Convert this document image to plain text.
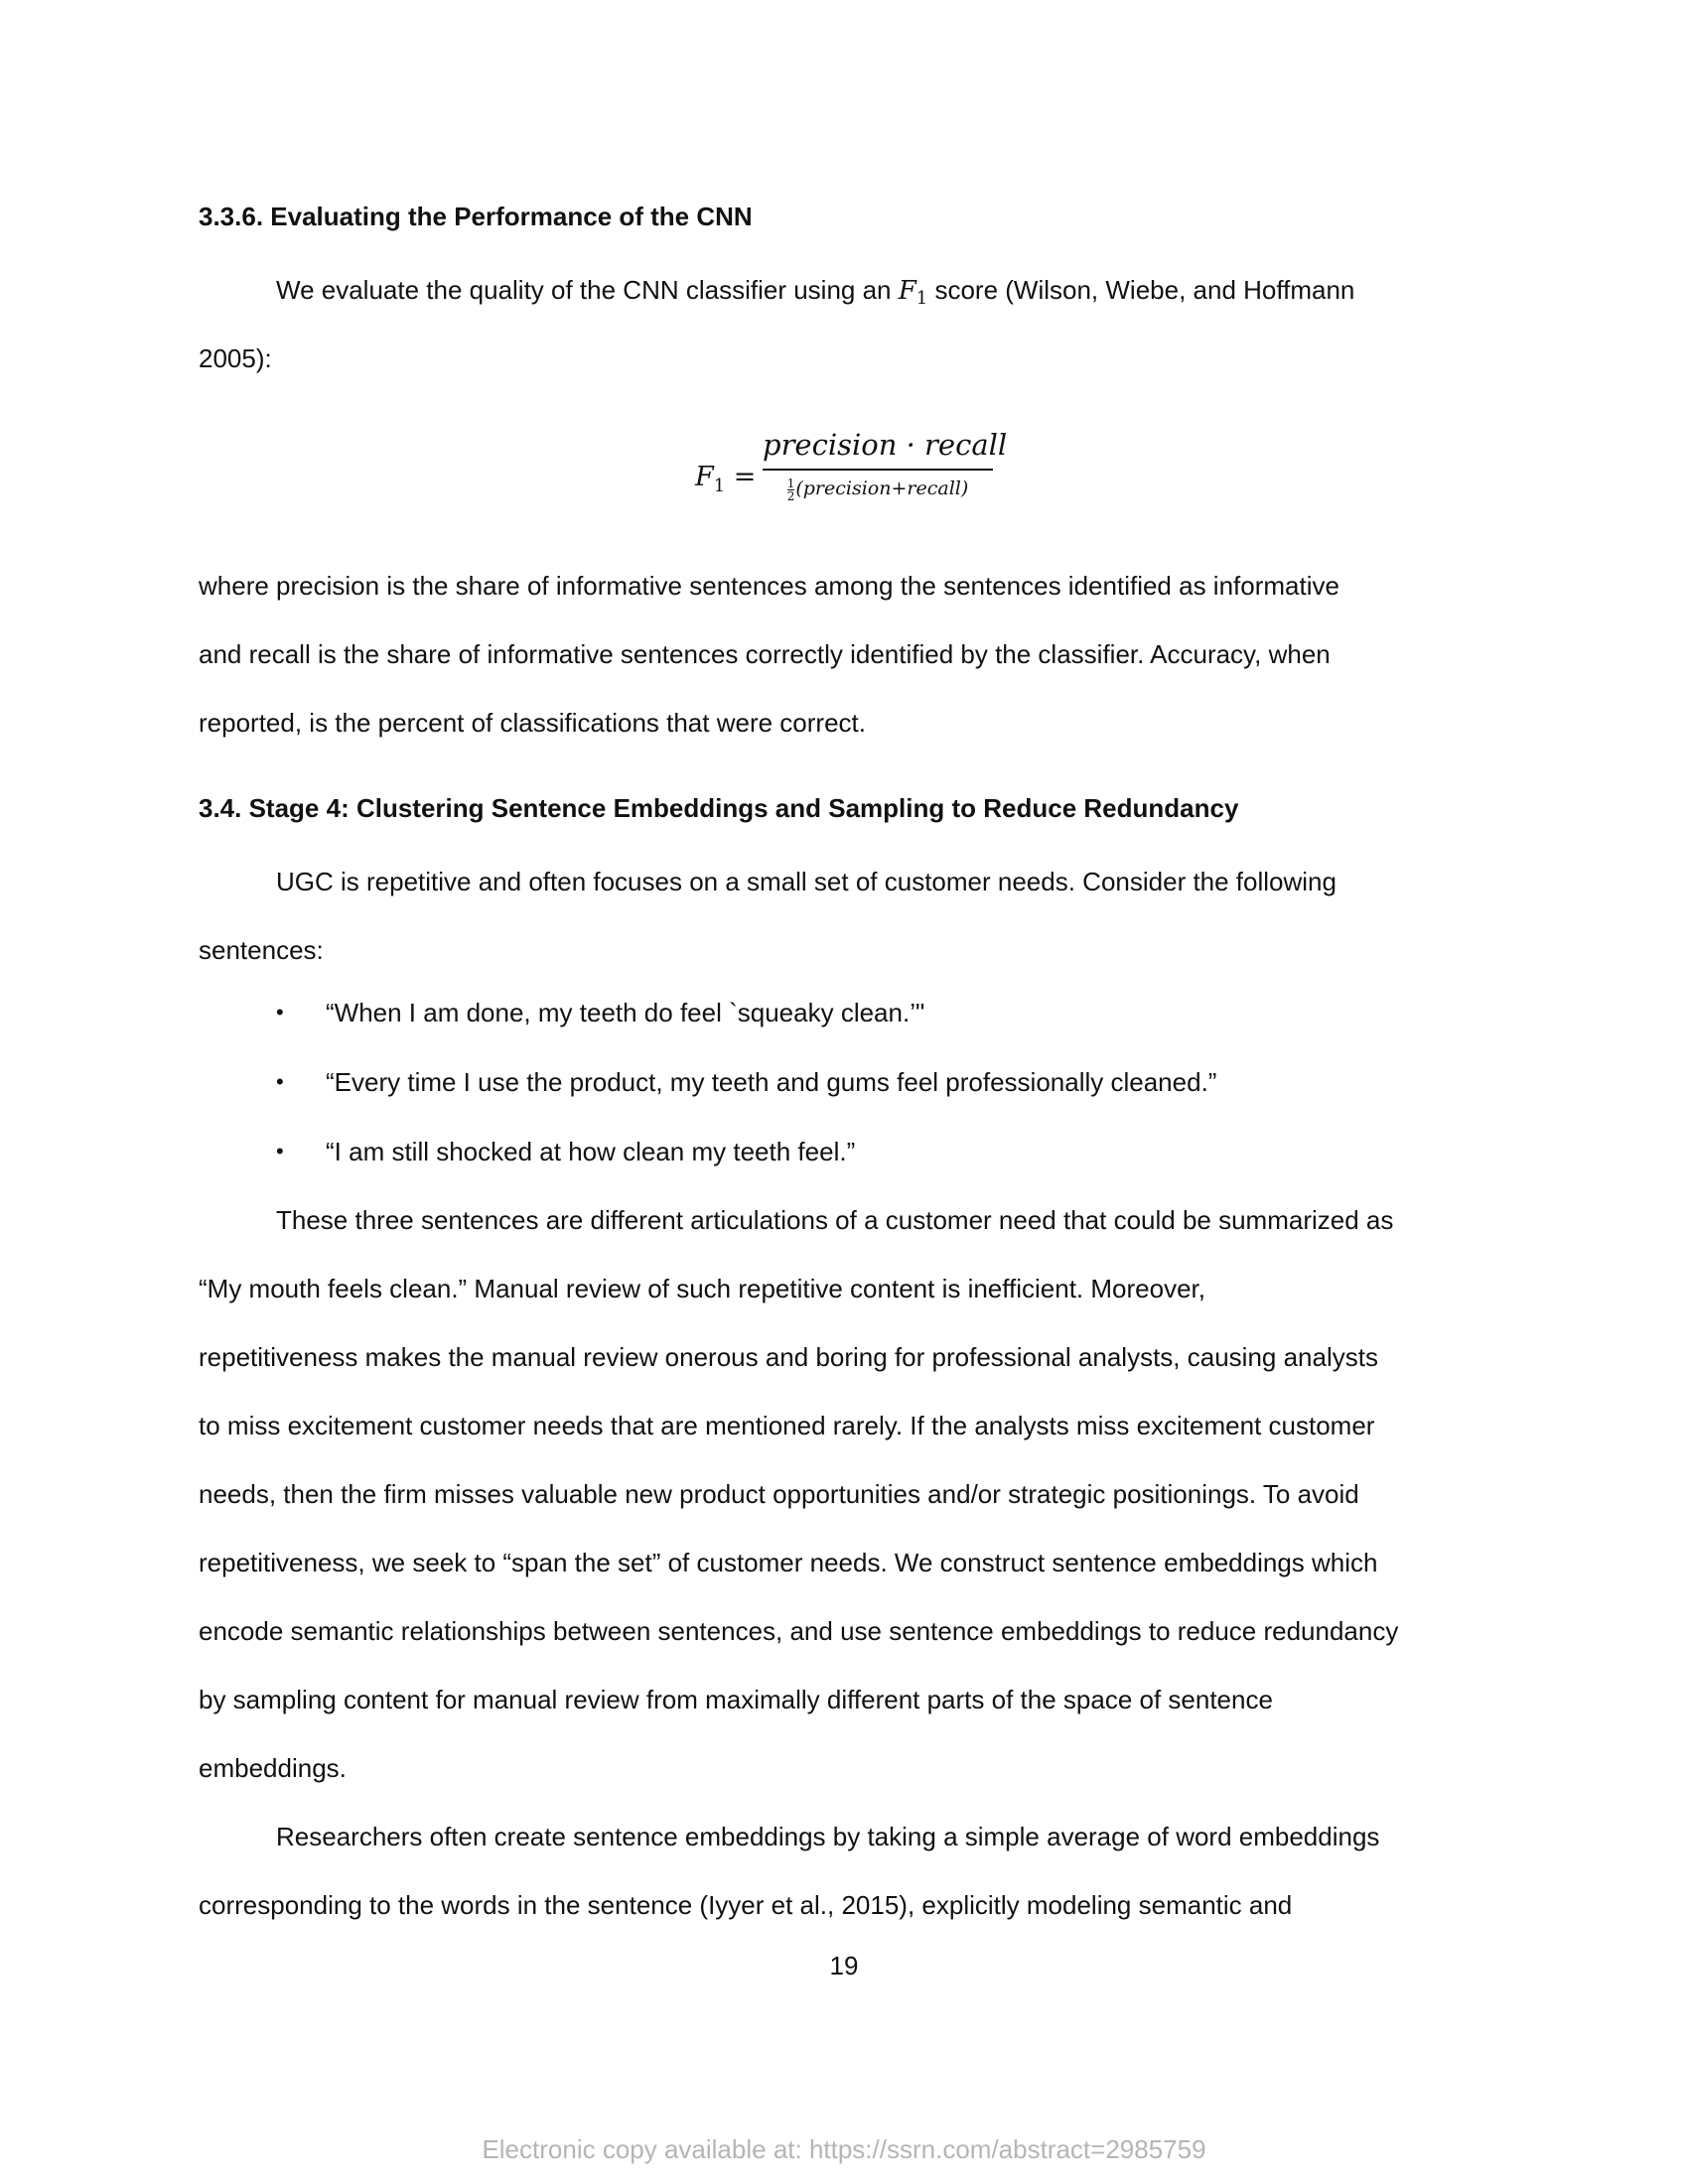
3.3.6. Evaluating the Performance of the CNN
We evaluate the quality of the CNN classifier using an $F_1$ score (Wilson, Wiebe, and Hoffmann
2005):
$F_1$ =
precision · recall
$\frac{1}{2}$ (precision+recall)
where precision is the share of informative sentences among the sentences identified as informative
and recall is the share of informative sentences correctly identified by the classifier. Accuracy, when
reported, is the percent of classifications that were correct.
3.4. Stage 4: Clustering Sentence Embeddings and Sampling to Reduce Redundancy
UGC is repetitive and often focuses on a small set of customer needs. Consider the following
sentences:
• “When I am done, my teeth do feel `squeaky clean.’"
• “Every time I use the product, my teeth and gums feel professionally cleaned.”
• “I am still shocked at how clean my teeth feel.”
These three sentences are different articulations of a customer need that could be summarized as
“My mouth feels clean.” Manual review of such repetitive content is inefficient. Moreover,
repetitiveness makes the manual review onerous and boring for professional analysts, causing analysts
to miss excitement customer needs that are mentioned rarely. If the analysts miss excitement customer
needs, then the firm misses valuable new product opportunities and/or strategic positionings. To avoid
repetitiveness, we seek to “span the set” of customer needs. We construct sentence embeddings which
encode semantic relationships between sentences, and use sentence embeddings to reduce redundancy
by sampling content for manual review from maximally different parts of the space of sentence
embeddings.
Researchers often create sentence embeddings by taking a simple average of word embeddings
corresponding to the words in the sentence (Iyyer et al., 2015), explicitly modeling semantic and
19
Electronic copy available at: https://ssrn.com/abstract=2985759
